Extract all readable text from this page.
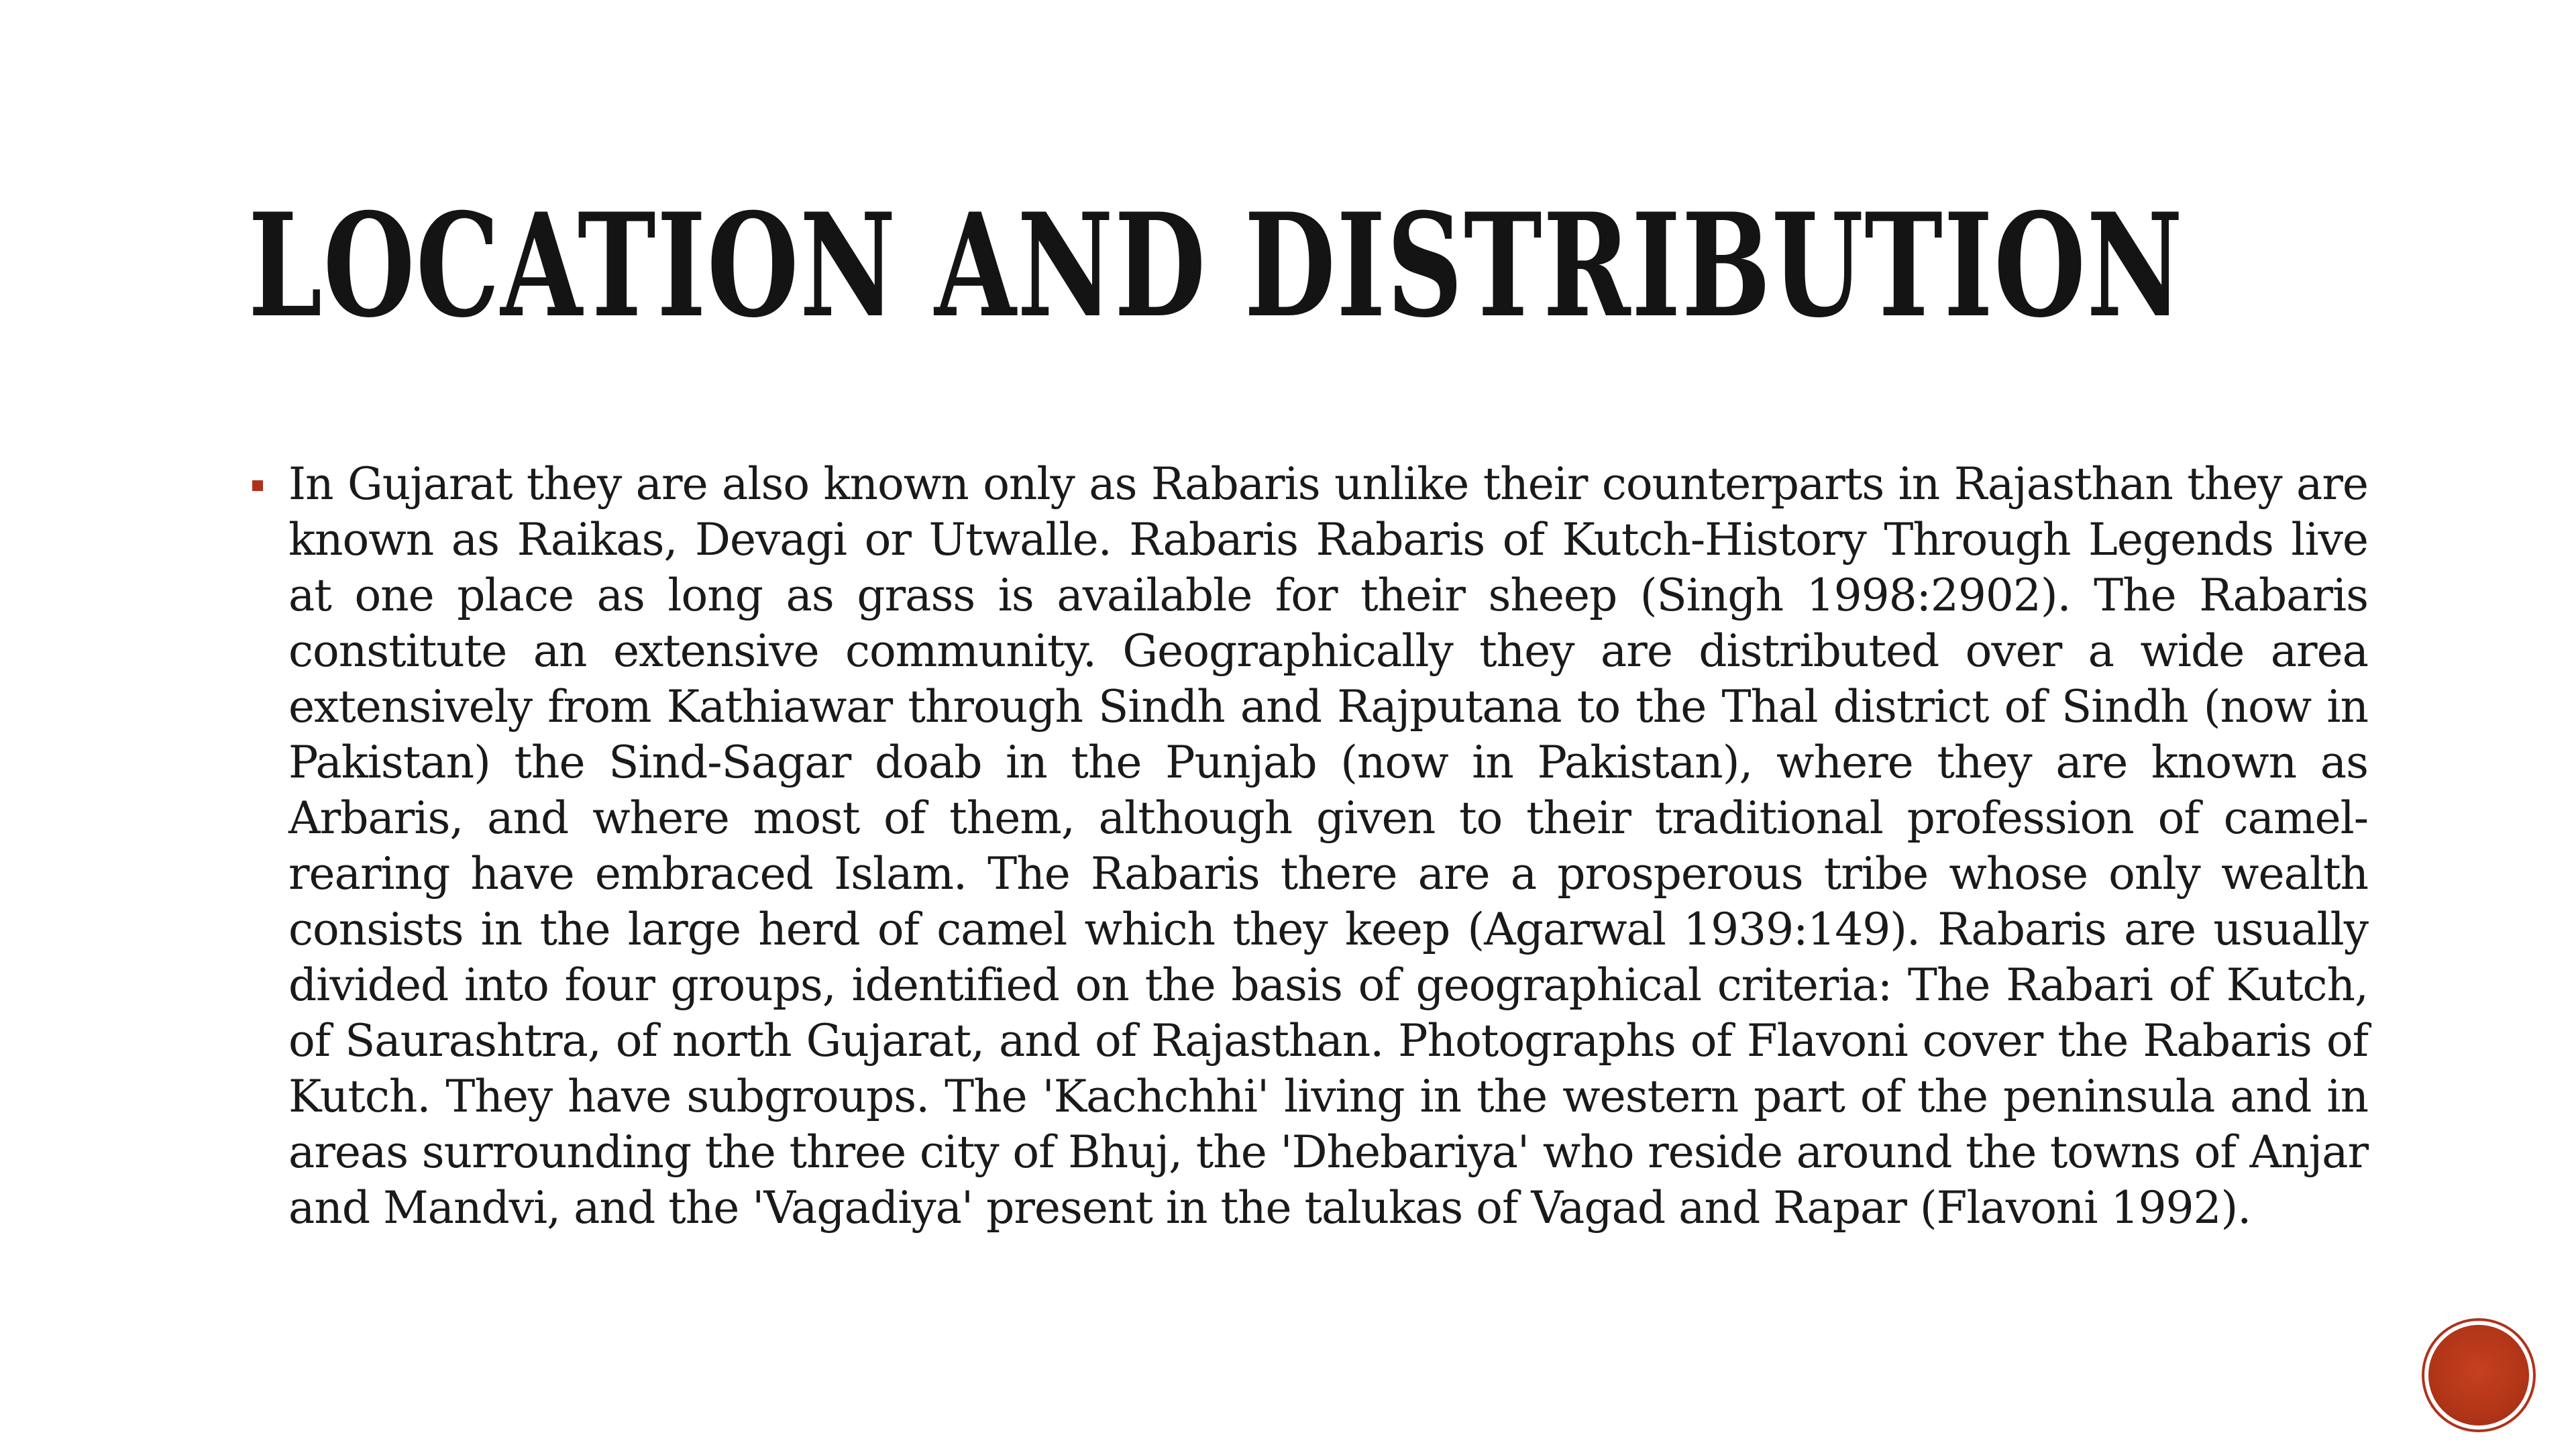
LOCATION AND DISTRIBUTION

In Gujarat they are also known only as Rabaris unlike their counterparts in Rajasthan they are known as Raikas, Devagi or Utwalle. Rabaris Rabaris of Kutch-History Through Legends live at one place as long as grass is available for their sheep (Singh 1998:2902). The Rabaris constitute an extensive community. Geographically they are distributed over a wide area extensively from Kathiawar through Sindh and Rajputana to the Thal district of Sindh (now in Pakistan) the Sind-Sagar doab in the Punjab (now in Pakistan), where they are known as Arbaris, and where most of them, although given to their traditional profession of camel-rearing have embraced Islam. The Rabaris there are a prosperous tribe whose only wealth consists in the large herd of camel which they keep (Agarwal 1939:149). Rabaris are usually divided into four groups, identified on the basis of geographical criteria: The Rabari of Kutch, of Saurashtra, of north Gujarat, and of Rajasthan. Photographs of Flavoni cover the Rabaris of Kutch. They have subgroups. The 'Kachchhi' living in the western part of the peninsula and in areas surrounding the three city of Bhuj, the 'Dhebariya' who reside around the towns of Anjar and Mandvi, and the 'Vagadiya' present in the talukas of Vagad and Rapar (Flavoni 1992).
